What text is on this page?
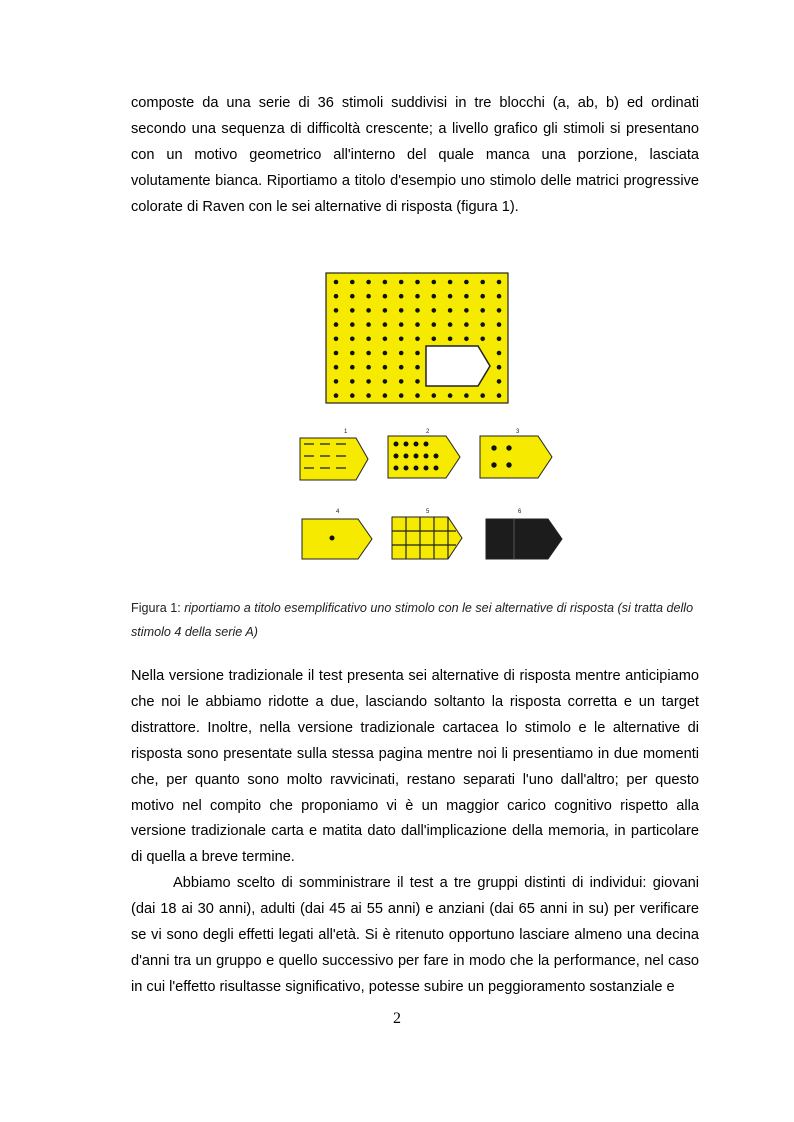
composte da una serie di 36 stimoli suddivisi in tre blocchi (a, ab, b) ed ordinati secondo una sequenza di difficoltà crescente; a livello grafico gli stimoli si presentano con un motivo geometrico all'interno del quale manca una porzione, lasciata volutamente bianca. Riportiamo a titolo d'esempio uno stimolo delle matrici progressive colorate di Raven con le sei alternative di risposta (figura 1).

1	2	3
4	5	6

Figura 1: riportiamo a titolo esemplificativo uno stimolo con le sei alternative di risposta (si tratta dello stimolo 4 della serie A)

Nella versione tradizionale il test presenta sei alternative di risposta mentre anticipiamo che noi le abbiamo ridotte a due, lasciando soltanto la risposta corretta e un target distrattore. Inoltre, nella versione tradizionale cartacea lo stimolo e le alternative di risposta sono presentate sulla stessa pagina mentre noi li presentiamo in due momenti che, per quanto sono molto ravvicinati, restano separati l'uno dall'altro; per questo motivo nel compito che proponiamo vi è un maggior carico cognitivo rispetto alla versione tradizionale carta e matita dato dall'implicazione della memoria, in particolare di quella a breve termine.

Abbiamo scelto di somministrare il test a tre gruppi distinti di individui: giovani (dai 18 ai 30 anni), adulti (dai 45 ai 55 anni) e anziani (dai 65 anni in su) per verificare se vi sono degli effetti legati all'età. Si è ritenuto opportuno lasciare almeno una decina d'anni tra un gruppo e quello successivo per fare in modo che la performance, nel caso in cui l'effetto risultasse significativo, potesse subire un peggioramento sostanziale e

2
